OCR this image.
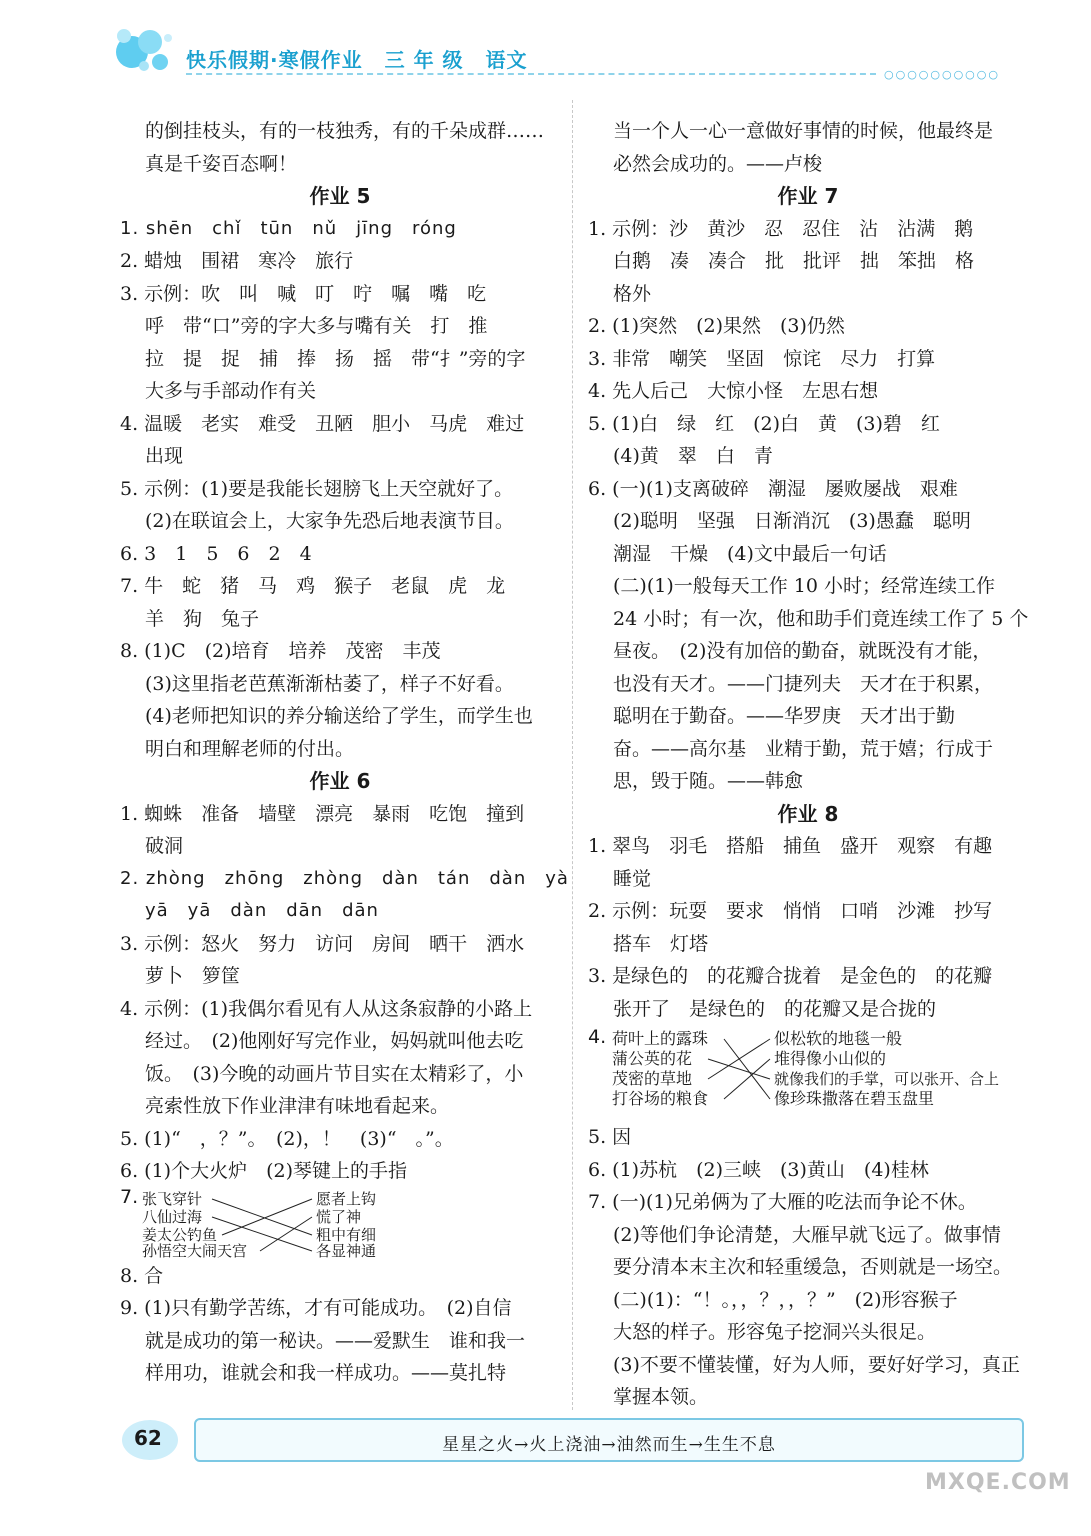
快乐假期·寒假作业 三 年 级 语文
○○○○○○○○○○
的倒挂枝头，有的一枝独秀，有的千朵成群……
真是千姿百态啊！
作业 5
1. shēn　chǐ　tūn　nǔ　jīng　róng
2. 蜡烛　围裙　寒冷　旅行
3. 示例：吹　叫　喊　叮　咛　嘱　嘴　吃
呼　带“口”旁的字大多与嘴有关　打　推
拉　提　捉　捕　捧　扬　摇　带“扌”旁的字
大多与手部动作有关
4. 温暖　老实　难受　丑陋　胆小　马虎　难过
出现
5. 示例：(1)要是我能长翅膀飞上天空就好了。
(2)在联谊会上，大家争先恐后地表演节目。
6. 3　1　5　6　2　4
7. 牛　蛇　猪　马　鸡　猴子　老鼠　虎　龙
羊　狗　兔子
8. (1)C　(2)培育　培养　茂密　丰茂
(3)这里指老芭蕉渐渐枯萎了，样子不好看。
(4)老师把知识的养分输送给了学生，而学生也
明白和理解老师的付出。
作业 6
1. 蜘蛛　准备　墙壁　漂亮　暴雨　吃饱　撞到
破洞
2. zhòng　zhōng　zhòng　dàn　tán　dàn　yà
yā　yā　dàn　dān　dān
3. 示例：怒火　努力　访问　房间　晒干　洒水
萝卜　箩筐
4. 示例：(1)我偶尔看见有人从这条寂静的小路上
经过。　(2)他刚好写完作业，妈妈就叫他去吃
饭。　(3)今晚的动画片节目实在太精彩了，小
亮索性放下作业津津有味地看起来。
5. (1)“　，？”。　(2)，！　(3)“　。”。
6. (1)个大火炉　(2)琴键上的手指
7. 张飞穿针
八仙过海
姜太公钓鱼
孙悟空大闹天宫
愿者上钩
慌了神
粗中有细
各显神通
8. 合
9. (1)只有勤学苦练，才有可能成功。　(2)自信
就是成功的第一秘诀。——爱默生　谁和我一
样用功，谁就会和我一样成功。——莫扎特
当一个人一心一意做好事情的时候，他最终是
必然会成功的。——卢梭
作业 7
1. 示例：沙　黄沙　忍　忍住　沾　沾满　鹅
白鹅　凑　凑合　批　批评　拙　笨拙　格
格外
2. (1)突然　(2)果然　(3)仍然
3. 非常　嘲笑　坚固　惊诧　尽力　打算
4. 先人后己　大惊小怪　左思右想
5. (1)白　绿　红　(2)白　黄　(3)碧　红
(4)黄　翠　白　青
6. (一)(1)支离破碎　潮湿　屡败屡战　艰难
(2)聪明　坚强　日渐消沉　(3)愚蠢　聪明
潮湿　干燥　(4)文中最后一句话
(二)(1)一般每天工作 10 小时；经常连续工作
24 小时；有一次，他和助手们竟连续工作了 5 个
昼夜。　(2)没有加倍的勤奋，就既没有才能，
也没有天才。——门捷列夫　天才在于积累，
聪明在于勤奋。——华罗庚　天才出于勤
奋。——高尔基　业精于勤，荒于嬉；行成于
思，毁于随。——韩愈
作业 8
1. 翠鸟　羽毛　搭船　捕鱼　盛开　观察　有趣
睡觉
2. 示例：玩耍　要求　悄悄　口哨　沙滩　抄写
搭车　灯塔
3. 是绿色的　的花瓣合拢着　是金色的　的花瓣
张开了　是绿色的　的花瓣又是合拢的
4. 荷叶上的露珠
蒲公英的花
茂密的草地
打谷场的粮食
似松软的地毯一般
堆得像小山似的
就像我们的手掌，可以张开、合上
像珍珠撒落在碧玉盘里
5. 因
6. (1)苏杭　(2)三峡　(3)黄山　(4)桂林
7. (一)(1)兄弟俩为了大雁的吃法而争论不休。
(2)等他们争论清楚，大雁早就飞远了。做事情
要分清本末主次和轻重缓急，否则就是一场空。
(二)(1)：“！。，，？，，？”　(2)形容猴子
大怒的样子。形容兔子挖洞兴头很足。
(3)不要不懂装懂，好为人师，要好好学习，真正
掌握本领。
62	星星之火→火上浇油→油然而生→生生不息
MXQE.COM
